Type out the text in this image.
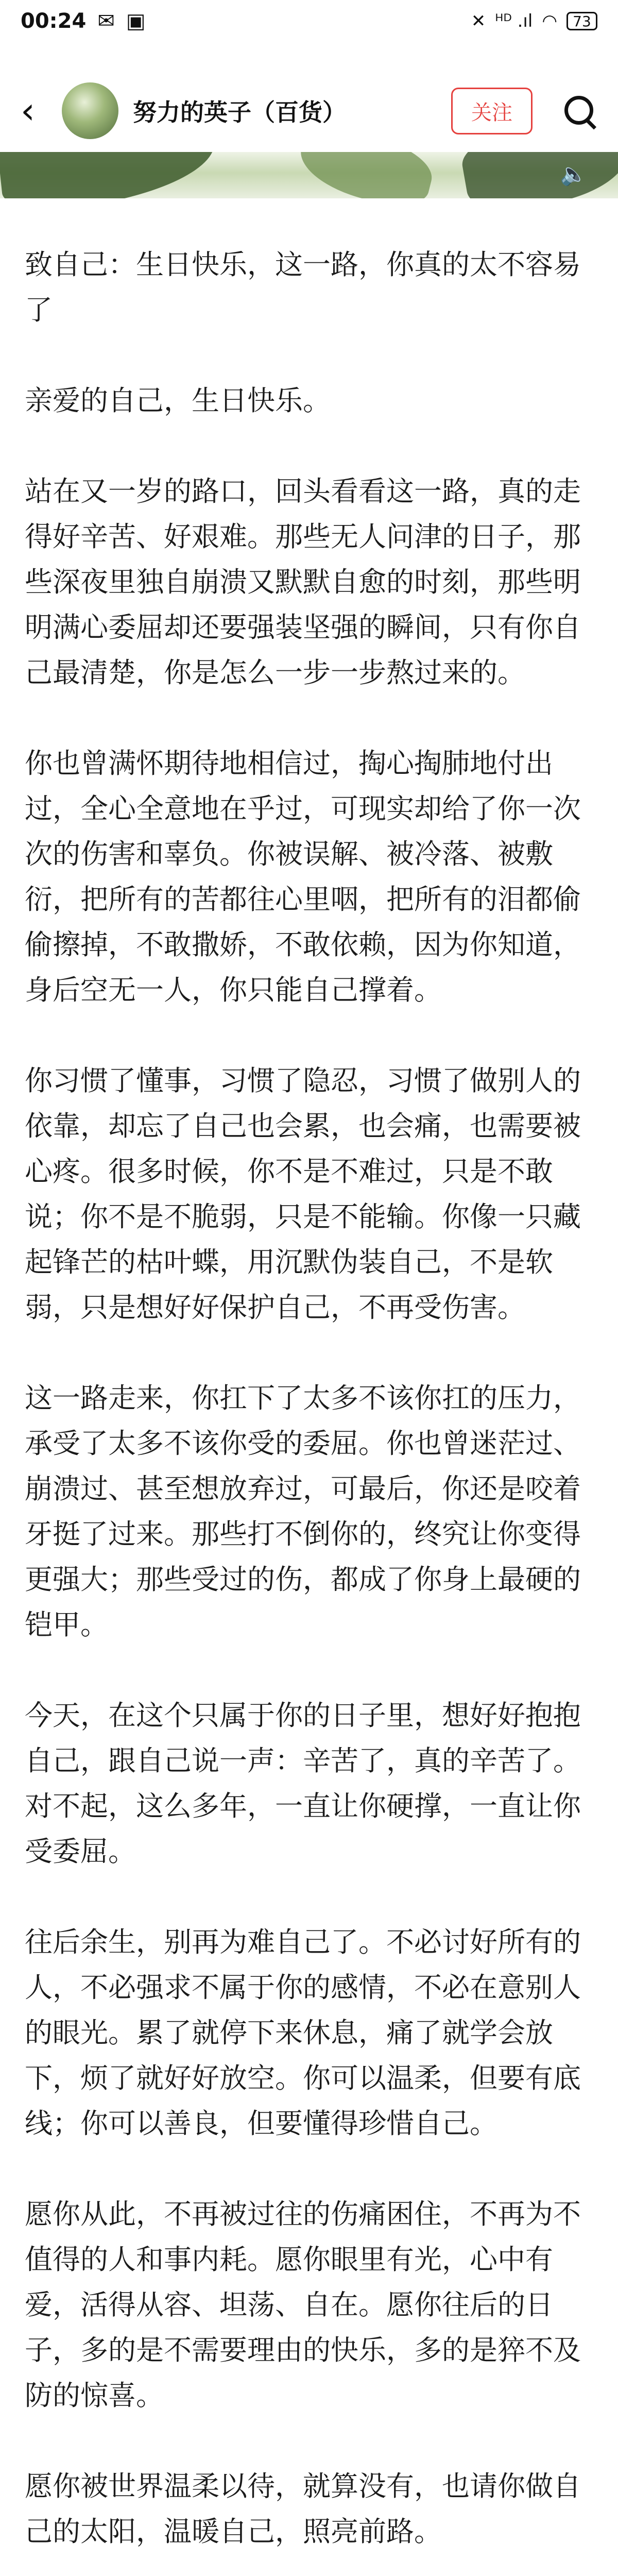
00:24 ✉ ▣	✕ ᴴᴰ .ıl ◠ 73
‹	努力的英子（百货）	关注
🔈

致自己：生日快乐，这一路，你真的太不容易了

亲爱的自己，生日快乐。

站在又一岁的路口，回头看看这一路，真的走得好辛苦、好艰难。那些无人问津的日子，那些深夜里独自崩溃又默默自愈的时刻，那些明明满心委屈却还要强装坚强的瞬间，只有你自己最清楚，你是怎么一步一步熬过来的。

你也曾满怀期待地相信过，掏心掏肺地付出过，全心全意地在乎过，可现实却给了你一次次的伤害和辜负。你被误解、被冷落、被敷衍，把所有的苦都往心里咽，把所有的泪都偷偷擦掉，不敢撒娇，不敢依赖，因为你知道，身后空无一人，你只能自己撑着。

你习惯了懂事，习惯了隐忍，习惯了做别人的依靠，却忘了自己也会累，也会痛，也需要被心疼。很多时候，你不是不难过，只是不敢说；你不是不脆弱，只是不能输。你像一只藏起锋芒的枯叶蝶，用沉默伪装自己，不是软弱，只是想好好保护自己，不再受伤害。

这一路走来，你扛下了太多不该你扛的压力，承受了太多不该你受的委屈。你也曾迷茫过、崩溃过、甚至想放弃过，可最后，你还是咬着牙挺了过来。那些打不倒你的，终究让你变得更强大；那些受过的伤，都成了你身上最硬的铠甲。

今天，在这个只属于你的日子里，想好好抱抱自己，跟自己说一声：辛苦了，真的辛苦了。对不起，这么多年，一直让你硬撑，一直让你受委屈。

往后余生，别再为难自己了。不必讨好所有的人，不必强求不属于你的感情，不必在意别人的眼光。累了就停下来休息，痛了就学会放下，烦了就好好放空。你可以温柔，但要有底线；你可以善良，但要懂得珍惜自己。

愿你从此，不再被过往的伤痛困住，不再为不值得的人和事内耗。愿你眼里有光，心中有爱，活得从容、坦荡、自在。愿你往后的日子，多的是不需要理由的快乐，多的是猝不及防的惊喜。

愿你被世界温柔以待，就算没有，也请你做自己的太阳，温暖自己，照亮前路。
